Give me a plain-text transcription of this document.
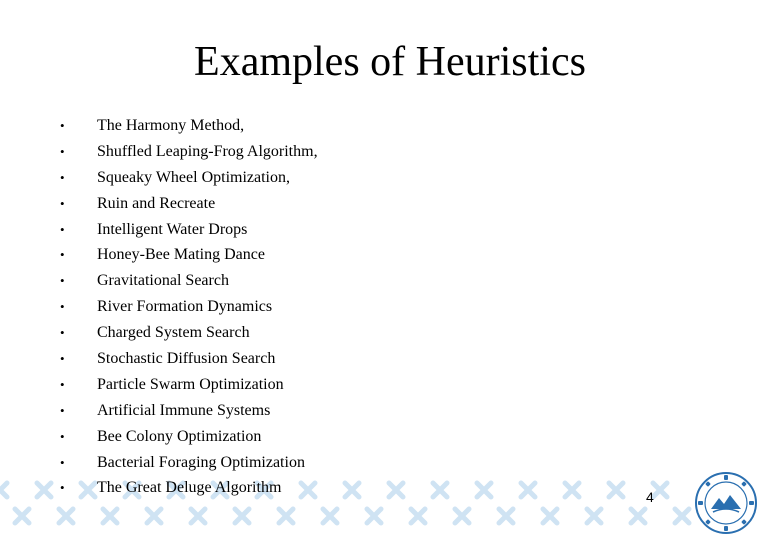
Examples of Heuristics
•	The Harmony Method,
•	Shuffled Leaping-Frog Algorithm,
•	Squeaky Wheel Optimization,
•	Ruin and Recreate
•	Intelligent Water Drops
•	Honey-Bee Mating Dance
•	Gravitational Search
•	River Formation Dynamics
•	Charged System Search
•	Stochastic Diffusion Search
•	Particle Swarm Optimization
•	Artificial Immune Systems
•	Bee Colony Optimization
•	Bacterial Foraging Optimization
•	The Great Deluge Algorithm
4
